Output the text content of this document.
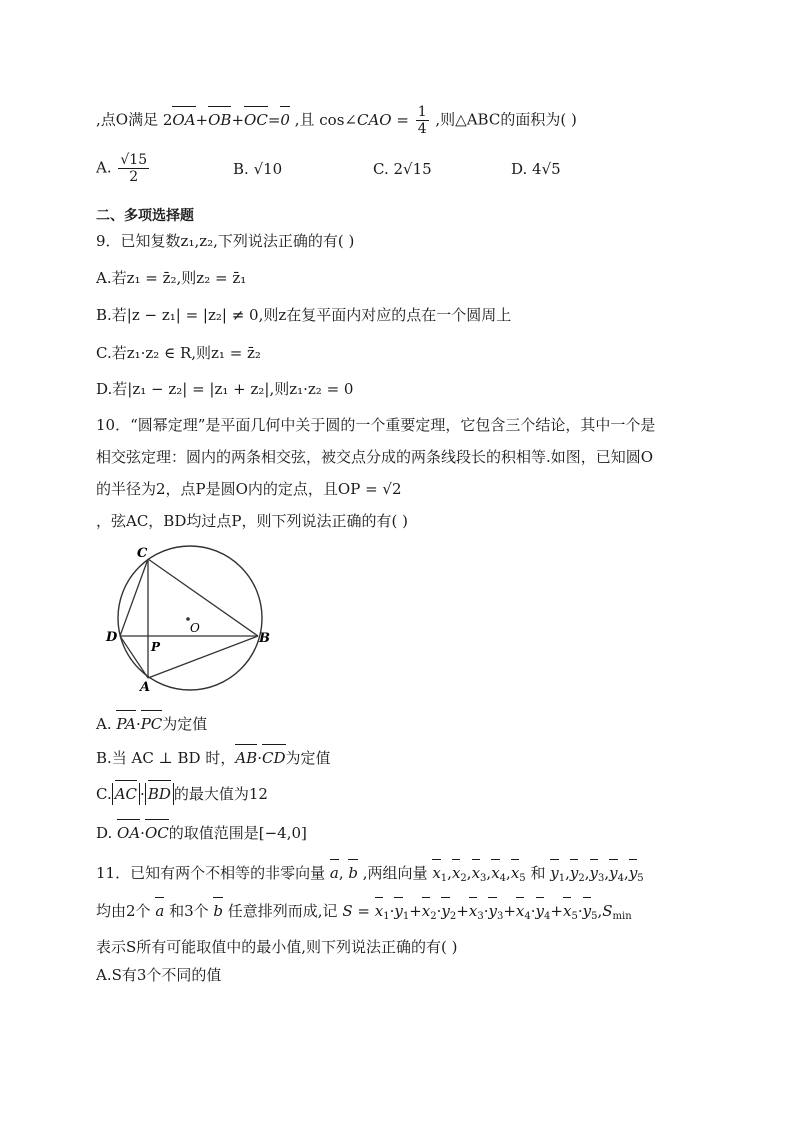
,点O满足 2OA+OB+OC=0 ,且 cos∠CAO = $\frac{1}{4}$ ,则△ABC的面积为( )
A. $\frac{√15}{2}$	B. √10	C. 2√15	D. 4√5
二、多项选择题
9．已知复数z₁,z₂,下列说法正确的有( )
A.若z₁ = z̄₂,则z₂ = z̄₁
B.若|z − z₁| = |z₂| ≠ 0,则z在复平面内对应的点在一个圆周上
C.若z₁·z₂ ∈ R,则z₁ = z̄₂
D.若|z₁ − z₂| = |z₁ + z₂|,则z₁·z₂ = 0
10．“圆幂定理”是平面几何中关于圆的一个重要定理，它包含三个结论，其中一个是
相交弦定理：圆内的两条相交弦，被交点分成的两条线段长的积相等.如图，已知圆O
的半径为2，点P是圆O内的定点，且OP = √2
，弦AC，BD均过点P，则下列说法正确的有( )
C
D
O
P
A
B
A. PA·PC为定值
B.当 AC ⊥ BD 时，AB·CD为定值
C. AC · BD 的最大值为12
D. OA·OC的取值范围是[−4,0]
11．已知有两个不相等的非零向量 a, b ,两组向量 $x_1,x_2,x_3,x_4,x_5$ 和 $y_1,y_2,y_3,y_4,y_5$
均由2个 a 和3个 b 任意排列而成,记 $S = x_1\cdot y_1+x_2\cdot y_2+x_3\cdot y_3+x_4\cdot y_4+x_5\cdot y_5,S_{min}$
表示S所有可能取值中的最小值,则下列说法正确的有( )
A.S有3个不同的值
